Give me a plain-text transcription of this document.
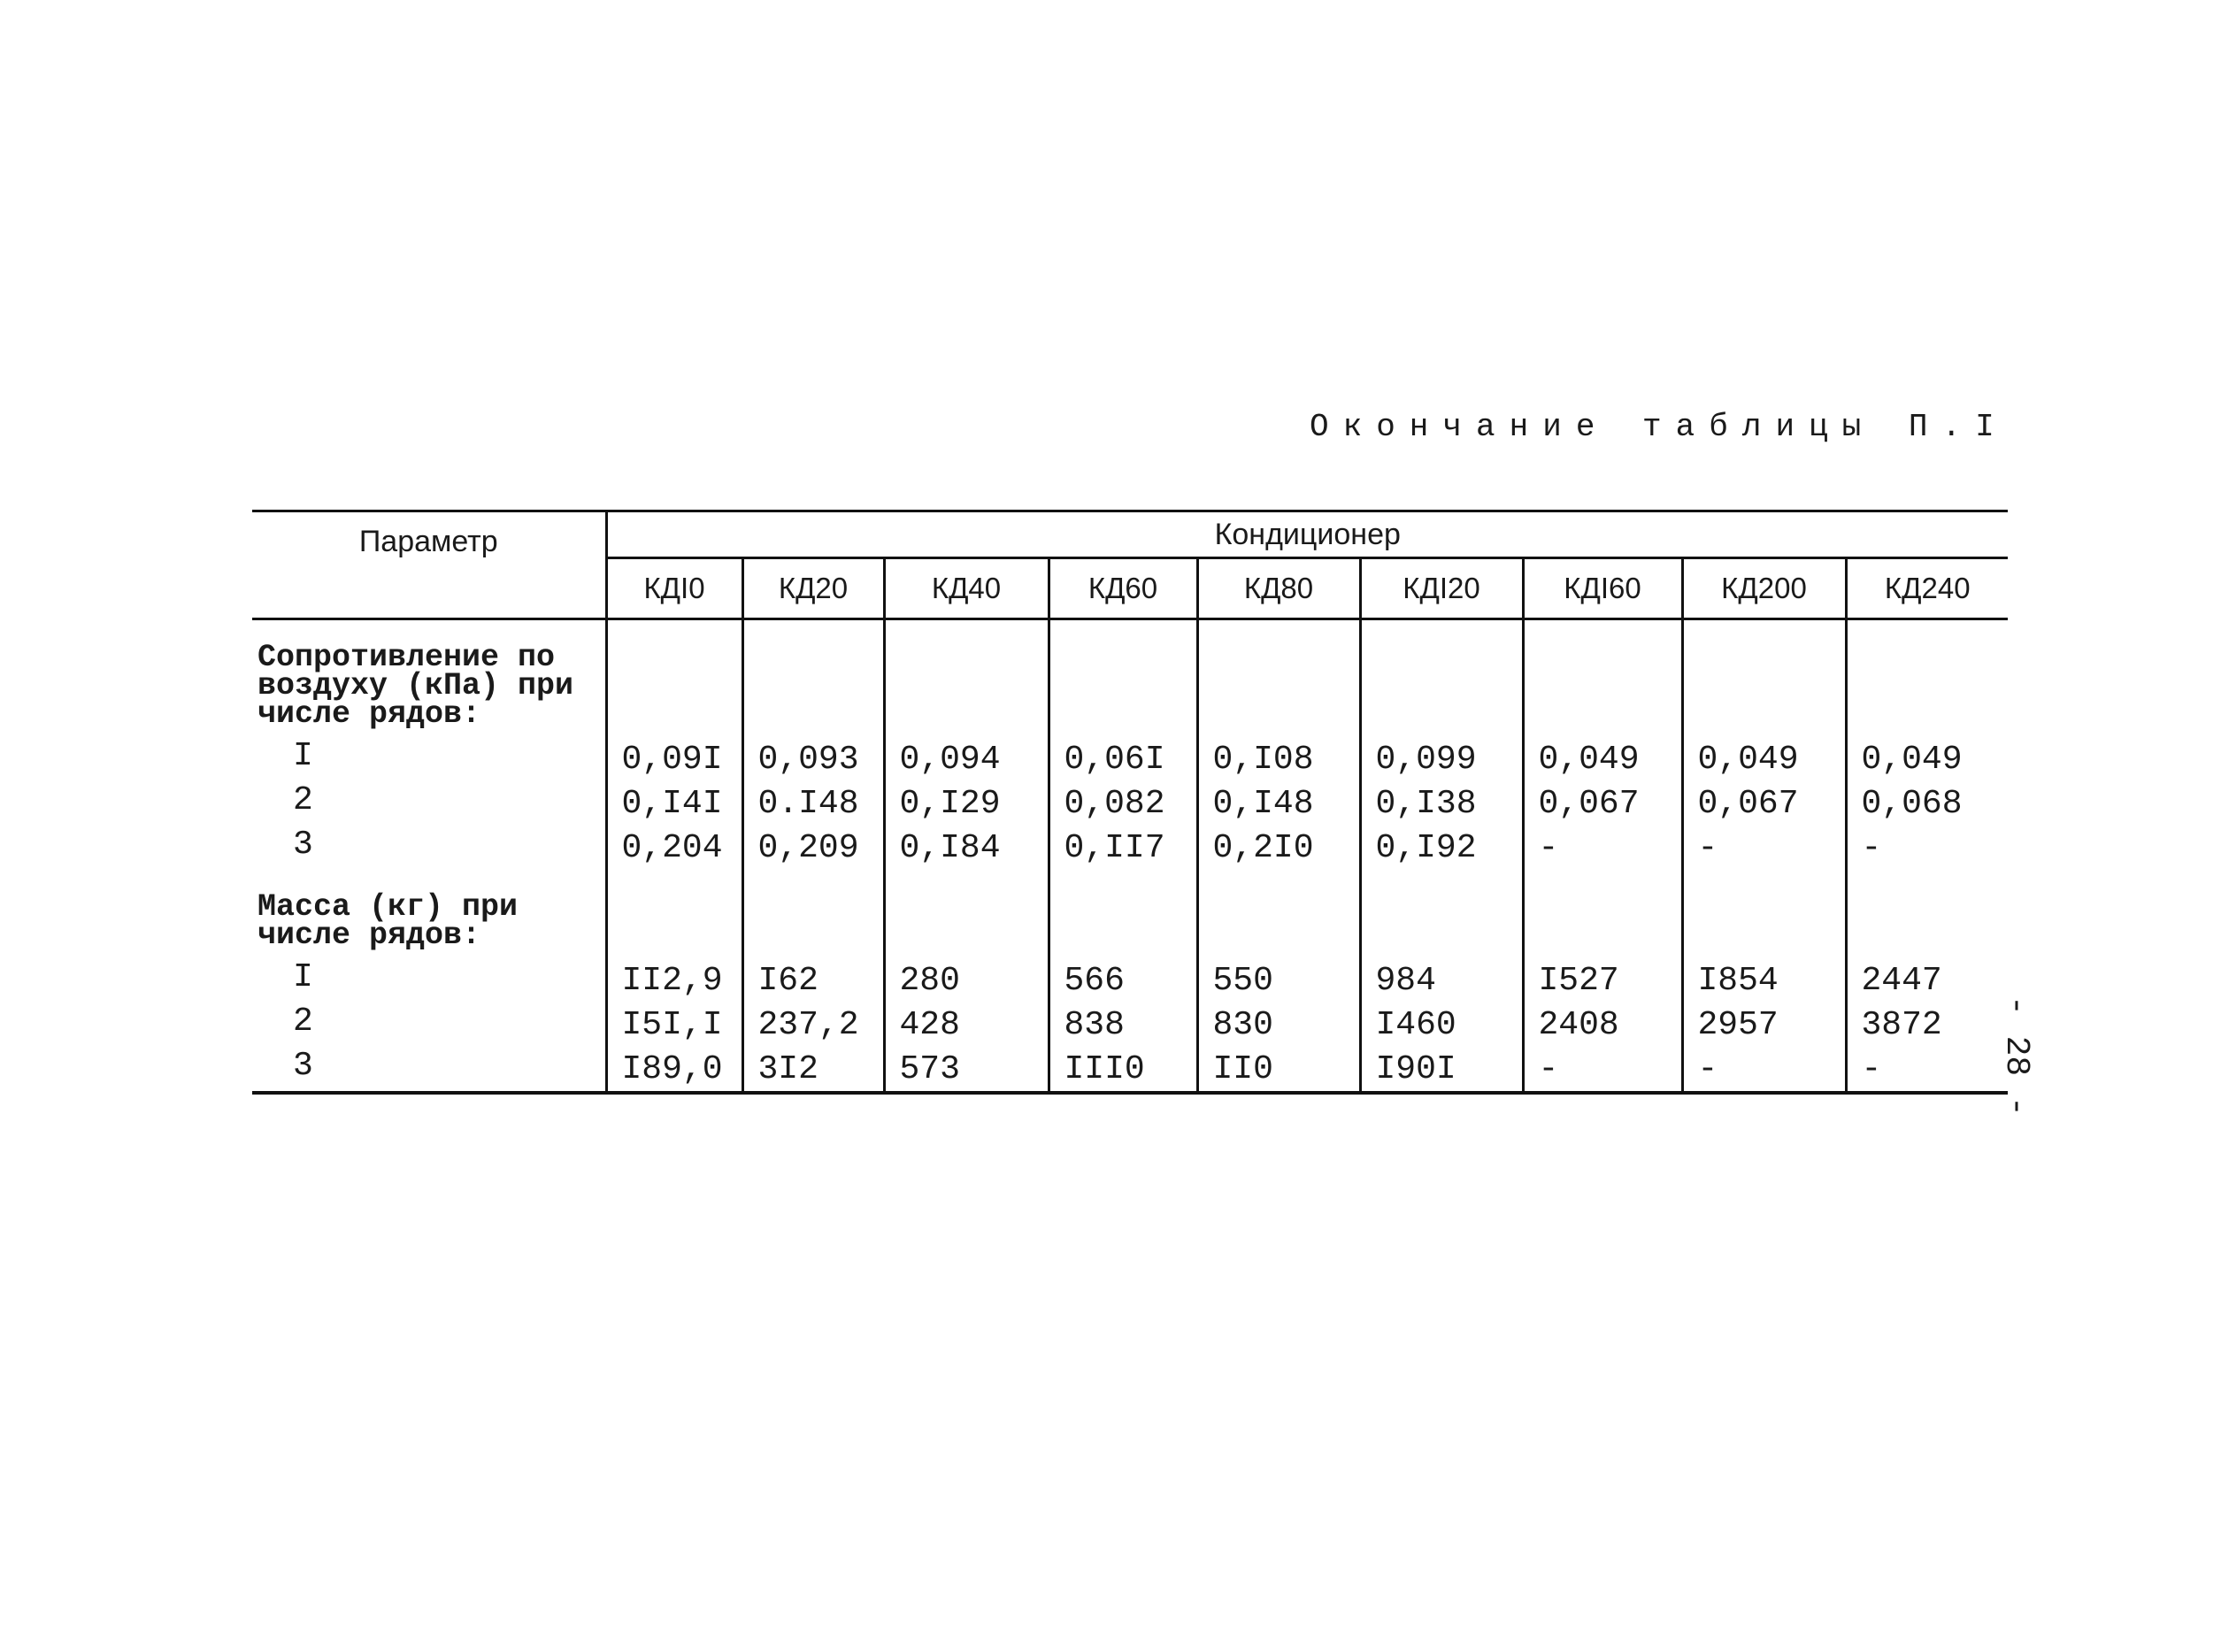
Окончание таблицы П.I
- 28 -
Параметр	Кондиционер								
	КДI0	КД20	КД40	КД60	КД80	КДI20	КДI60	КД200	КД240

Сопротивление по воздуху (кПа) при числе рядов:									

I	0,09I	0,093	0,094	0,06I	0,I08	0,099	0,049	0,049	0,049
2	0,I4I	0.I48	0,I29	0,082	0,I48	0,I38	0,067	0,067	0,068
3	0,204	0,209	0,I84	0,II7	0,2I0	0,I92	-	-	-

Масса (кг) при числе рядов:									

I	II2,9	I62	280	566	550	984	I527	I854	2447
2	I5I,I	237,2	428	838	830	I460	2408	2957	3872
3	I89,0	3I2	573	III0	II0	I90I	-	-	-
